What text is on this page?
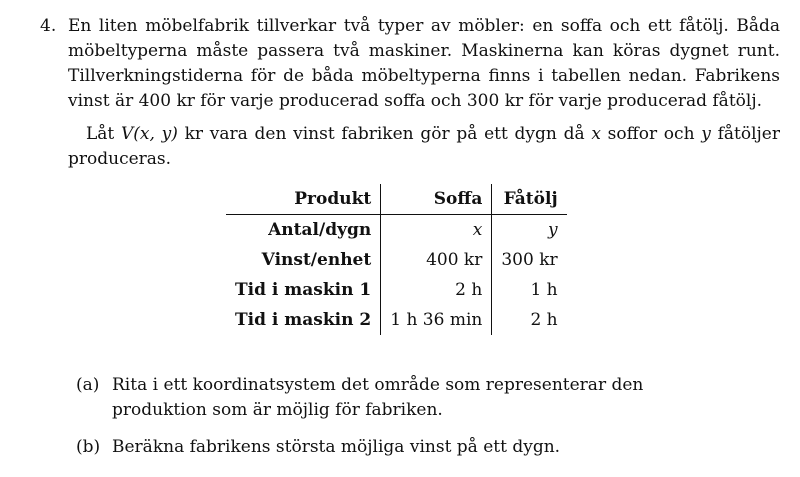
4. En liten möbelfabrik tillverkar två typer av möbler: en soffa och ett fåtölj. Båda möbeltyperna måste passera två maskiner. Maskinerna kan köras dygnet runt. Tillverkningstiderna för de båda möbeltyperna finns i tabellen nedan. Fabrikens vinst är 400 kr för varje producerad soffa och 300 kr för varje producerad fåtölj.
Låt V(x, y) kr vara den vinst fabriken gör på ett dygn då x soffor och y fåtöljer produceras.
Produkt	Soffa	Fåtölj
Antal/dygn	x	y
Vinst/enhet	400 kr	300 kr
Tid i maskin 1	2 h	1 h
Tid i maskin 2	1 h 36 min	2 h
(a) Rita i ett koordinatsystem det område som representerar den produktion som är möjlig för fabriken.
(b) Beräkna fabrikens största möjliga vinst på ett dygn.
